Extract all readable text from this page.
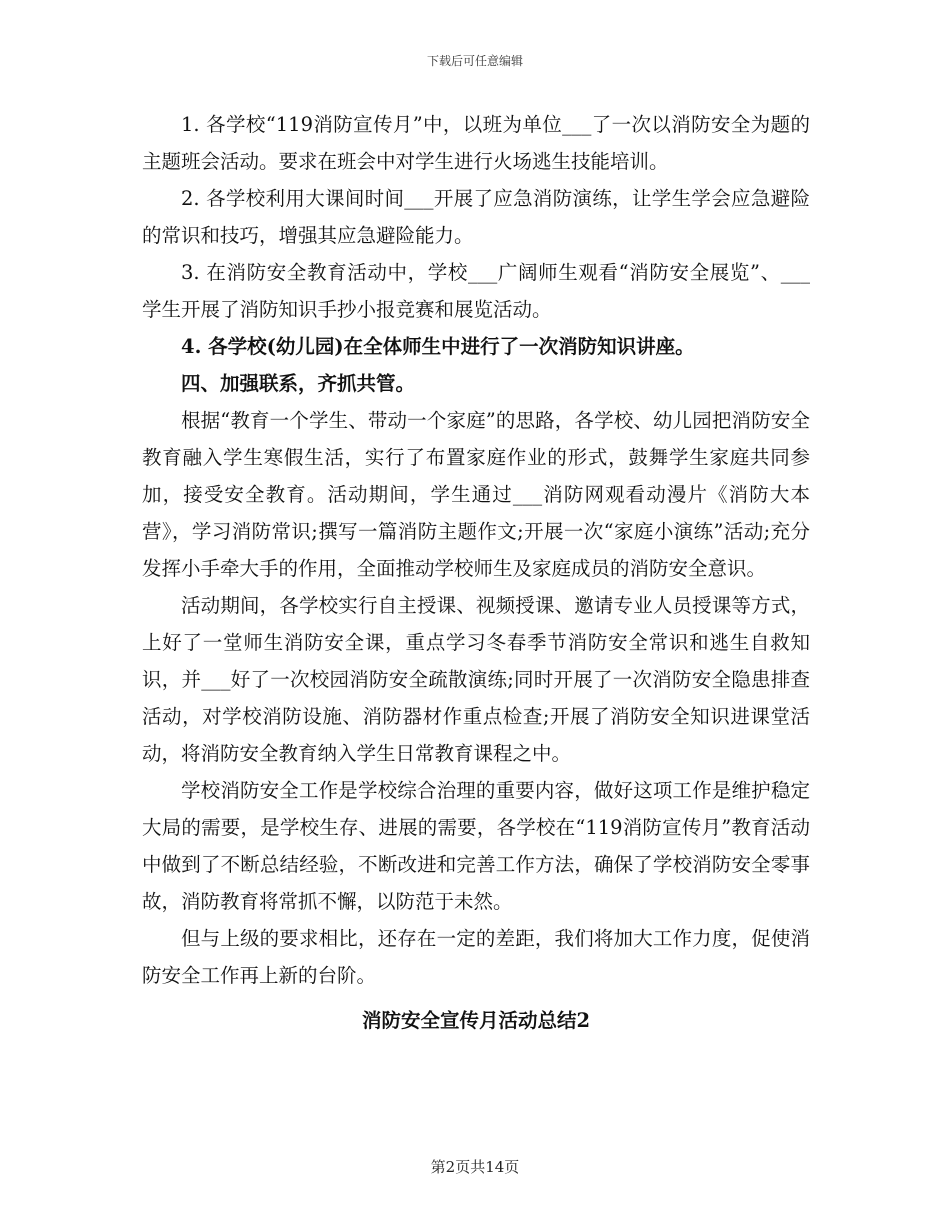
下载后可任意编辑

1. 各学校“119消防宣传月”中，以班为单位___了一次以消防安全为题的主题班会活动。要求在班会中对学生进行火场逃生技能培训。

2. 各学校利用大课间时间___开展了应急消防演练，让学生学会应急避险的常识和技巧，增强其应急避险能力。

3. 在消防安全教育活动中，学校___广阔师生观看“消防安全展览”、___学生开展了消防知识手抄小报竞赛和展览活动。

4. 各学校(幼儿园)在全体师生中进行了一次消防知识讲座。

四、加强联系，齐抓共管。

根据“教育一个学生、带动一个家庭”的思路，各学校、幼儿园把消防安全教育融入学生寒假生活，实行了布置家庭作业的形式，鼓舞学生家庭共同参加，接受安全教育。活动期间，学生通过___消防网观看动漫片《消防大本营》，学习消防常识;撰写一篇消防主题作文;开展一次“家庭小演练”活动;充分发挥小手牵大手的作用，全面推动学校师生及家庭成员的消防安全意识。

活动期间，各学校实行自主授课、视频授课、邀请专业人员授课等方式，上好了一堂师生消防安全课，重点学习冬春季节消防安全常识和逃生自救知识，并___好了一次校园消防安全疏散演练;同时开展了一次消防安全隐患排查活动，对学校消防设施、消防器材作重点检查;开展了消防安全知识进课堂活动，将消防安全教育纳入学生日常教育课程之中。

学校消防安全工作是学校综合治理的重要内容，做好这项工作是维护稳定大局的需要，是学校生存、进展的需要，各学校在“119消防宣传月”教育活动中做到了不断总结经验，不断改进和完善工作方法，确保了学校消防安全零事故，消防教育将常抓不懈，以防范于未然。

但与上级的要求相比，还存在一定的差距，我们将加大工作力度，促使消防安全工作再上新的台阶。

消防安全宣传月活动总结2

第2页共14页
